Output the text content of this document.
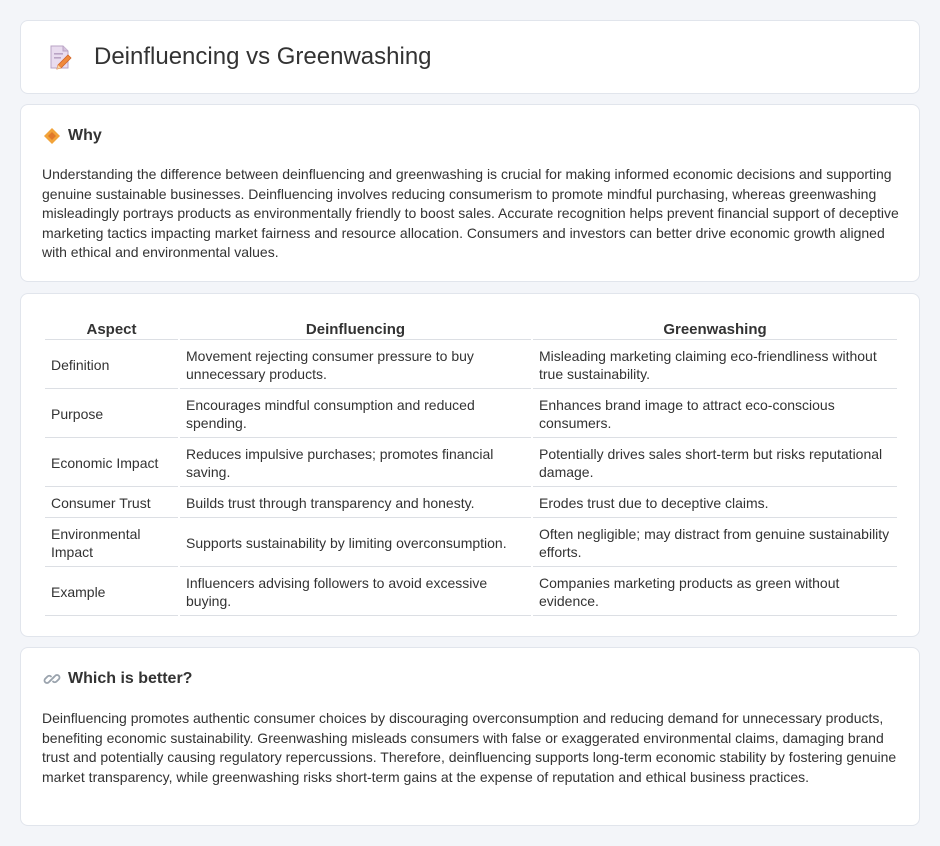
Deinfluencing vs Greenwashing
Why

Understanding the difference between deinfluencing and greenwashing is crucial for making informed economic decisions and supporting genuine sustainable businesses. Deinfluencing involves reducing consumerism to promote mindful purchasing, whereas greenwashing misleadingly portrays products as environmentally friendly to boost sales. Accurate recognition helps prevent financial support of deceptive marketing tactics impacting market fairness and resource allocation. Consumers and investors can better drive economic growth aligned with ethical and environmental values.

Aspect	Deinfluencing	Greenwashing
Definition	Movement rejecting consumer pressure to buy unnecessary products.	Misleading marketing claiming eco-friendliness without true sustainability.
Purpose	Encourages mindful consumption and reduced spending.	Enhances brand image to attract eco-conscious consumers.
Economic Impact	Reduces impulsive purchases; promotes financial saving.	Potentially drives sales short-term but risks reputational damage.
Consumer Trust	Builds trust through transparency and honesty.	Erodes trust due to deceptive claims.
Environmental Impact	Supports sustainability by limiting overconsumption.	Often negligible; may distract from genuine sustainability efforts.
Example	Influencers advising followers to avoid excessive buying.	Companies marketing products as green without evidence.
Which is better?

Deinfluencing promotes authentic consumer choices by discouraging overconsumption and reducing demand for unnecessary products, benefiting economic sustainability. Greenwashing misleads consumers with false or exaggerated environmental claims, damaging brand trust and potentially causing regulatory repercussions. Therefore, deinfluencing supports long-term economic stability by fostering genuine market transparency, while greenwashing risks short-term gains at the expense of reputation and ethical business practices.
